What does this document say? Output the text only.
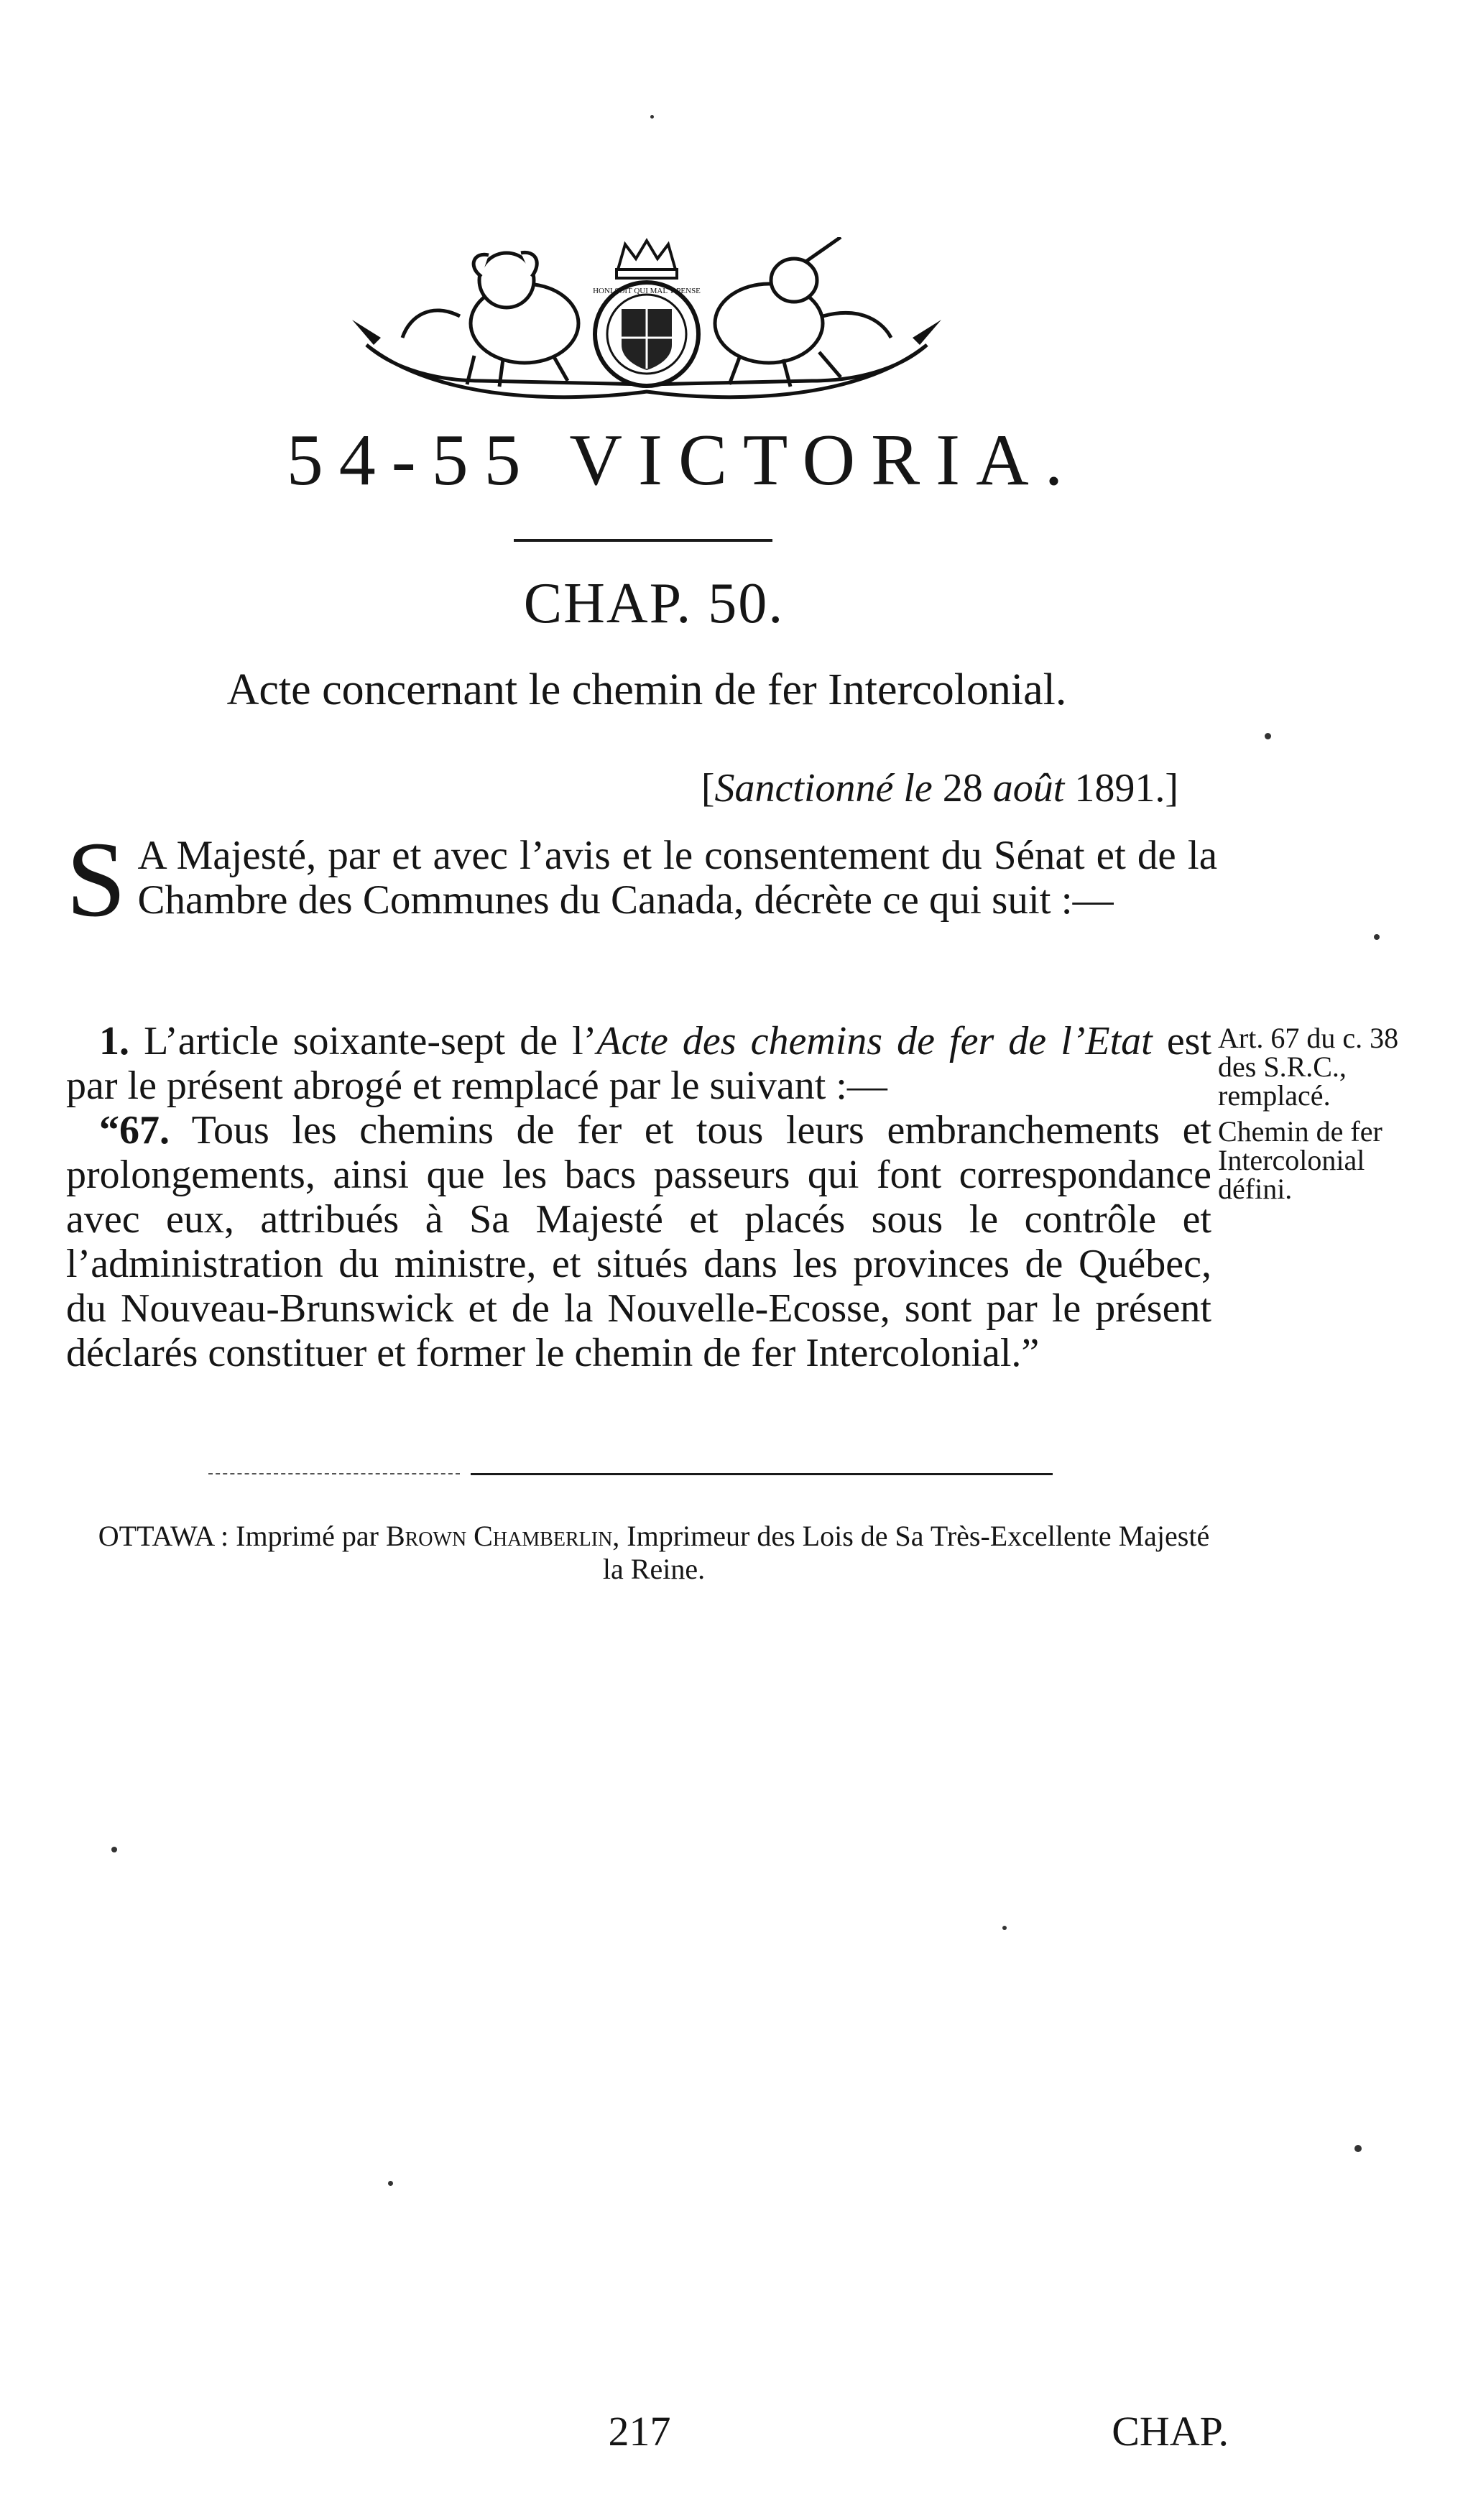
HONI SOIT QUI MAL Y PENSE
54-55 VICTORIA.
CHAP. 50.
Acte concernant le chemin de fer Intercolonial.
[Sanctionné le 28 août 1891.]
S A Majesté, par et avec l’avis et le consentement du Sénat et de la Chambre des Communes du Canada, décrète ce qui suit :—

1. L’article soixante-sept de l’Acte des chemins de fer de l’Etat est par le présent abrogé et remplacé par le suivant :—

“67. Tous les chemins de fer et tous leurs embranchements et prolongements, ainsi que les bacs passeurs qui font correspondance avec eux, attribués à Sa Majesté et placés sous le contrôle et l’administration du ministre, et situés dans les provinces de Québec, du Nouveau-Brunswick et de la Nouvelle-Ecosse, sont par le présent déclarés constituer et former le chemin de fer Intercolonial.”

Art. 67 du c. 38 des S.R.C., remplacé.
Chemin de fer Intercolonial défini.
OTTAWA : Imprimé par Brown Chamberlin, Imprimeur des Lois de Sa Très-Excellente Majesté la Reine.
217	CHAP.
